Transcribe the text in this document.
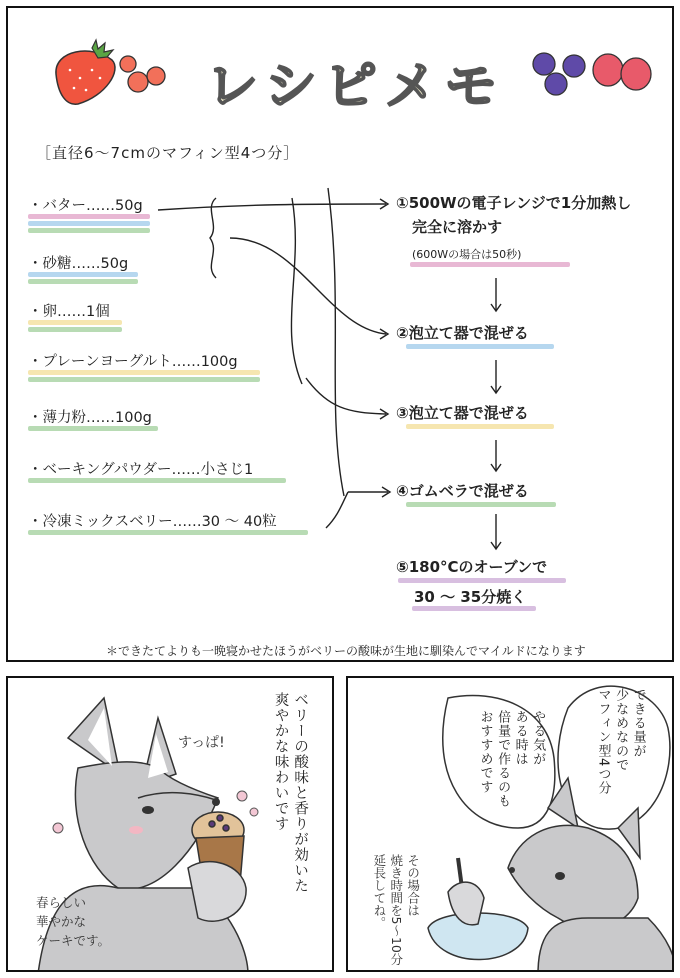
レシピメモ
［直径6～7cmのマフィン型4つ分］
・バター……50g
・砂糖……50g
・卵……1個
・プレーンヨーグルト……100g
・薄力粉……100g
・ベーキングパウダー……小さじ1
・冷凍ミックスベリー……30 ～ 40粒
①500Wの電子レンジで1分加熱し
完全に溶かす
(600Wの場合は50秒)
②泡立て器で混ぜる
③泡立て器で混ぜる
④ゴムベラで混ぜる
⑤180°Cのオーブンで
30 ～ 35分焼く
＊できたてよりも一晩寝かせたほうがベリーの酸味が生地に馴染んでマイルドになります
ベリーの酸味と香りが効いた
爽やかな味わいです
すっぱ!
春らしい
華やかな
ケーキです。
やる気が
ある時は
倍量で作るのも
おすすめです	できる量が
少なめなので
マフィン型4つ分
その場合は
焼き時間を5～10分
延長してね。
